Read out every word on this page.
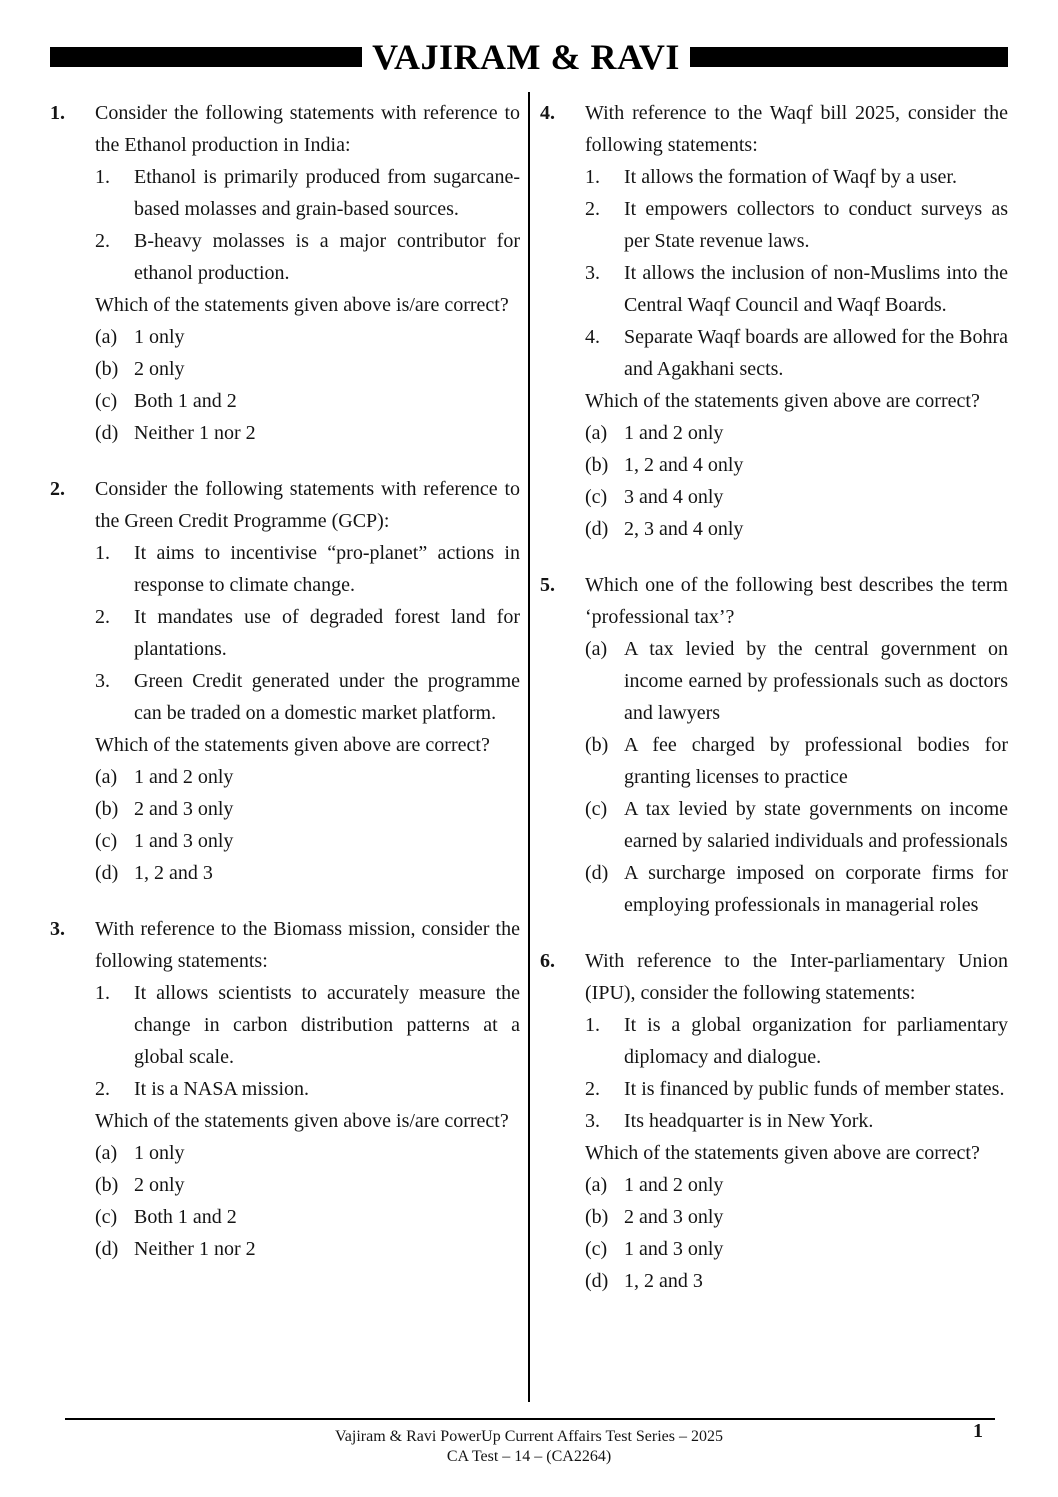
VAJIRAM & RAVI
1. Consider the following statements with reference to the Ethanol production in India:
1. Ethanol is primarily produced from sugarcane-based molasses and grain-based sources.
2. B-heavy molasses is a major contributor for ethanol production.
Which of the statements given above is/are correct?
(a) 1 only
(b) 2 only
(c) Both 1 and 2
(d) Neither 1 nor 2
2. Consider the following statements with reference to the Green Credit Programme (GCP):
1. It aims to incentivise “pro-planet” actions in response to climate change.
2. It mandates use of degraded forest land for plantations.
3. Green Credit generated under the programme can be traded on a domestic market platform.
Which of the statements given above are correct?
(a) 1 and 2 only
(b) 2 and 3 only
(c) 1 and 3 only
(d) 1, 2 and 3
3. With reference to the Biomass mission, consider the following statements:
1. It allows scientists to accurately measure the change in carbon distribution patterns at a global scale.
2. It is a NASA mission.
Which of the statements given above is/are correct?
(a) 1 only
(b) 2 only
(c) Both 1 and 2
(d) Neither 1 nor 2
4. With reference to the Waqf bill 2025, consider the following statements:
1. It allows the formation of Waqf by a user.
2. It empowers collectors to conduct surveys as per State revenue laws.
3. It allows the inclusion of non-Muslims into the Central Waqf Council and Waqf Boards.
4. Separate Waqf boards are allowed for the Bohra and Agakhani sects.
Which of the statements given above are correct?
(a) 1 and 2 only
(b) 1, 2 and 4 only
(c) 3 and 4 only
(d) 2, 3 and 4 only
5. Which one of the following best describes the term ‘professional tax’?
(a) A tax levied by the central government on income earned by professionals such as doctors and lawyers
(b) A fee charged by professional bodies for granting licenses to practice
(c) A tax levied by state governments on income earned by salaried individuals and professionals
(d) A surcharge imposed on corporate firms for employing professionals in managerial roles
6. With reference to the Inter-parliamentary Union (IPU), consider the following statements:
1. It is a global organization for parliamentary diplomacy and dialogue.
2. It is financed by public funds of member states.
3. Its headquarter is in New York.
Which of the statements given above are correct?
(a) 1 and 2 only
(b) 2 and 3 only
(c) 1 and 3 only
(d) 1, 2 and 3
Vajiram & Ravi PowerUp Current Affairs Test Series – 2025
CA Test – 14 – (CA2264)
1
